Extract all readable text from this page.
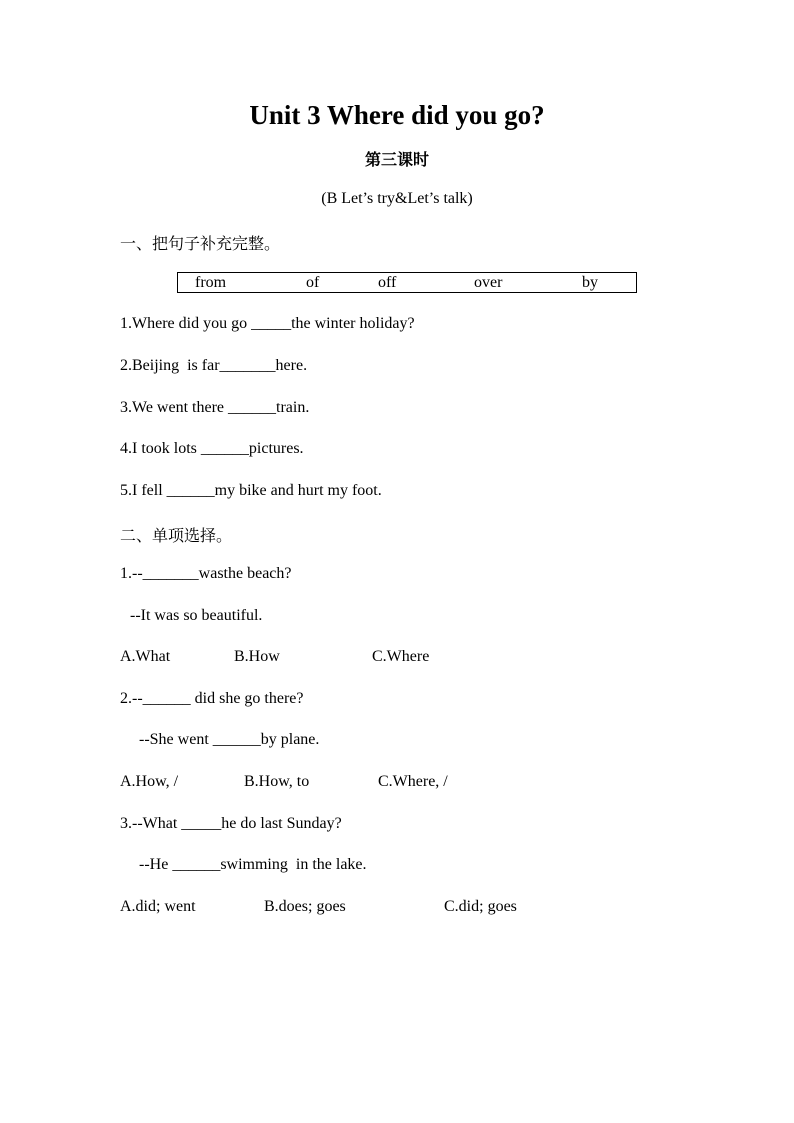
Unit 3 Where did you go?
第三课时
(B Let’s try&Let’s talk)
一、把句子补充完整。
from	of	off	over	by
1.Where did you go _____the winter holiday?
2.Beijing  is far_______here.
3.We went there ______train.
4.I took lots ______pictures.
5.I fell ______my bike and hurt my foot.
二、单项选择。
1.--_______wasthe beach?
--It was so beautiful.
A.What	B.How	C.Where
2.--______ did she go there?
--She went ______by plane.
A.How, /	B.How, to	C.Where, /
3.--What _____he do last Sunday?
--He ______swimming  in the lake.
A.did; went	B.does; goes	C.did; goes
